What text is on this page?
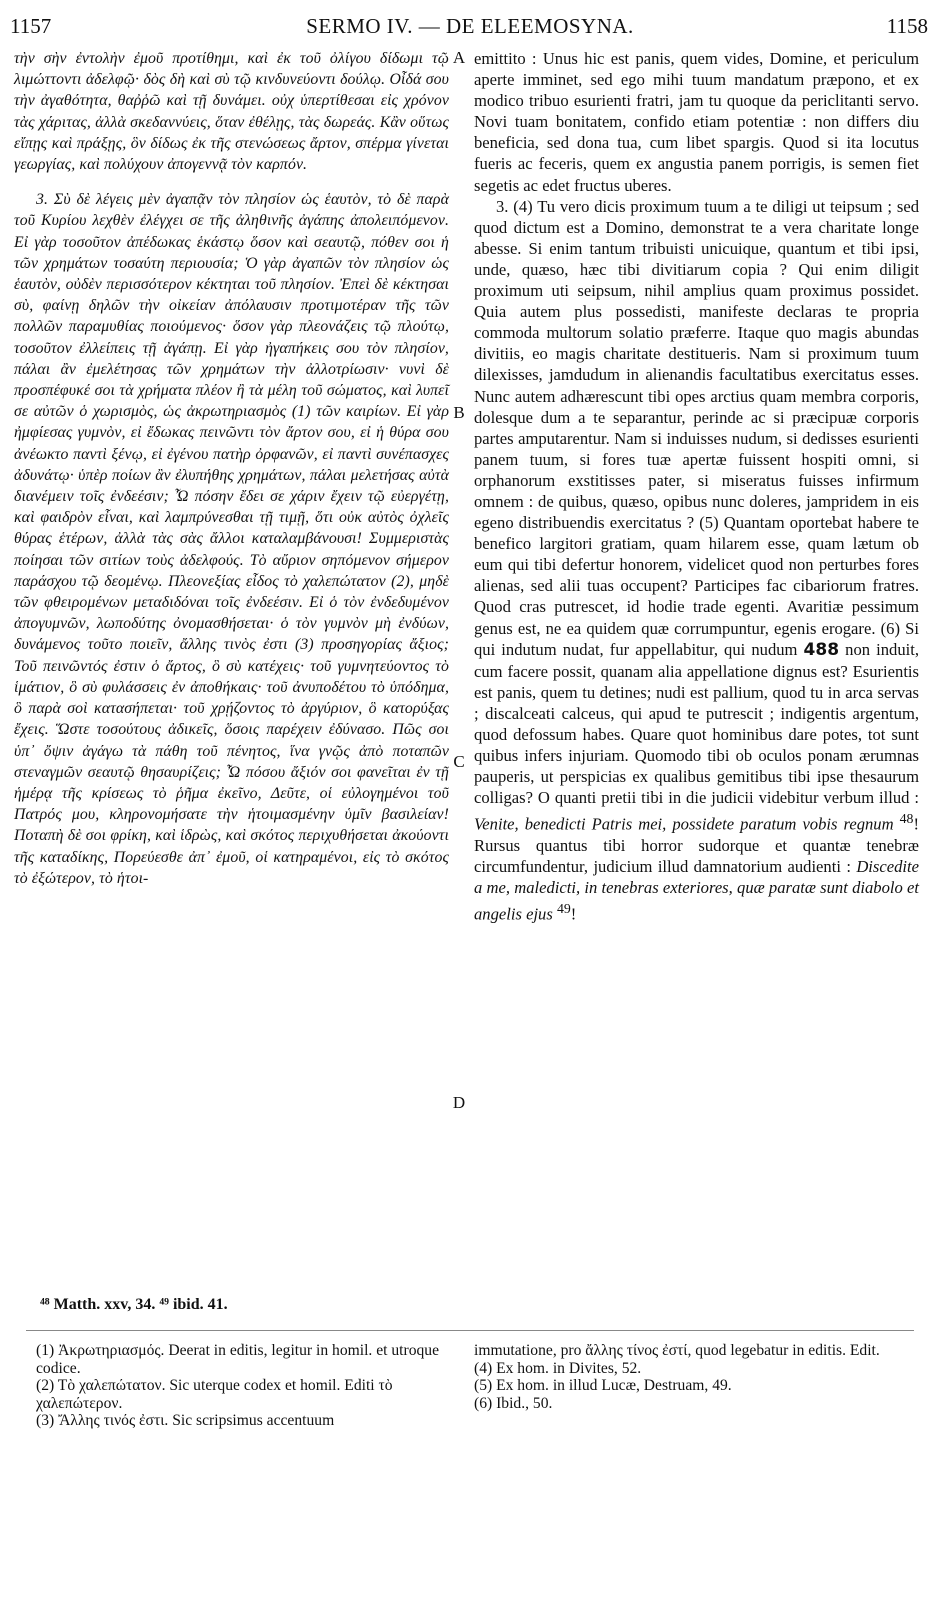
1157	SERMO IV. — DE ELEEMOSYNA.	1158

τὴν σὴν ἐντολὴν ἐμοῦ προτίθημι, καὶ ἐκ τοῦ ὀλίγου δίδωμι τῷ λιμώττοντι ἀδελφῷ· δὸς δὴ καὶ σὺ τῷ κινδυνεύοντι δούλῳ. Οἶδά σου τὴν ἀγαθότητα, θαῤῥῶ καὶ τῇ δυνάμει. οὐχ ὑπερτίθεσαι εἰς χρόνον τὰς χάριτας, ἀλλὰ σκεδαννύεις, ὅταν ἐθέλῃς, τὰς δωρεάς. Κἂν οὕτως εἴπῃς καὶ πράξῃς, ὃν δίδως ἐκ τῆς στενώσεως ἄρτον, σπέρμα γίνεται γεωργίας, καὶ πολύχουν ἀπογεννᾷ τὸν καρπόν.

3. Σὺ δὲ λέγεις μὲν ἀγαπᾷν τὸν πλησίον ὡς ἑαυτὸν, τὸ δὲ παρὰ τοῦ Κυρίου λεχθὲν ἐλέγχει σε τῆς ἀληθινῆς ἀγάπης ἀπολειπόμενον. Εἰ γὰρ τοσοῦτον ἀπέδωκας ἑκάστῳ ὅσον καὶ σεαυτῷ, πόθεν σοι ἡ τῶν χρημάτων τοσαύτη περιουσία; Ὁ γὰρ ἀγαπῶν τὸν πλησίον ὡς ἑαυτὸν, οὐδὲν περισσότερον κέκτηται τοῦ πλησίον. Ἐπεὶ δὲ κέκτησαι σὺ, φαίνῃ δηλῶν τὴν οἰκείαν ἀπόλαυσιν προτιμοτέραν τῆς τῶν πολλῶν παραμυθίας ποιούμενος· ὅσον γὰρ πλεονάζεις τῷ πλούτῳ, τοσοῦτον ἐλλείπεις τῇ ἀγάπῃ. Εἰ γὰρ ἠγαπήκεις σου τὸν πλησίον, πάλαι ἂν ἐμελέτησας τῶν χρημάτων τὴν ἀλλοτρίωσιν· νυνὶ δὲ προσπέφυκέ σοι τὰ χρήματα πλέον ἢ τὰ μέλη τοῦ σώματος, καὶ λυπεῖ σε αὐτῶν ὁ χωρισμὸς, ὡς ἀκρωτηριασμὸς (1) τῶν καιρίων. Εἰ γὰρ ἠμφίεσας γυμνὸν, εἰ ἔδωκας πεινῶντι τὸν ἄρτον σου, εἰ ἡ θύρα σου ἀνέωκτο παντὶ ξένῳ, εἰ ἐγένου πατὴρ ὀρφανῶν, εἰ παντὶ συνέπασχες ἀδυνάτῳ· ὑπὲρ ποίων ἂν ἐλυπήθης χρημάτων, πάλαι μελετήσας αὐτὰ διανέμειν τοῖς ἐνδεέσιν; Ὦ πόσην ἔδει σε χάριν ἔχειν τῷ εὐεργέτῃ, καὶ φαιδρὸν εἶναι, καὶ λαμπρύνεσθαι τῇ τιμῇ, ὅτι οὐκ αὐτὸς ὀχλεῖς θύρας ἑτέρων, ἀλλὰ τὰς σὰς ἄλλοι καταλαμβάνουσι! Συμμεριστὰς ποίησαι τῶν σιτίων τοὺς ἀδελφούς. Τὸ αὔριον σηπόμενον σήμερον παράσχου τῷ δεομένῳ. Πλεονεξίας εἶδος τὸ χαλεπώτατον (2), μηδὲ τῶν φθειρομένων μεταδιδόναι τοῖς ἐνδεέσιν. Εἰ ὁ τὸν ἐνδεδυμένον ἀπογυμνῶν, λωποδύτης ὀνομασθήσεται· ὁ τὸν γυμνὸν μὴ ἐνδύων, δυνάμενος τοῦτο ποιεῖν, ἄλλης τινὸς ἐστι (3) προσηγορίας ἄξιος; Τοῦ πεινῶντός ἐστιν ὁ ἄρτος, ὃ σὺ κατέχεις· τοῦ γυμνητεύοντος τὸ ἱμάτιον, ὃ σὺ φυλάσσεις ἐν ἀποθήκαις· τοῦ ἀνυποδέτου τὸ ὑπόδημα, ὃ παρὰ σοὶ κατασήπεται· τοῦ χρῄζοντος τὸ ἀργύριον, ὃ κατορύξας ἔχεις. Ὥστε τοσούτους ἀδικεῖς, ὅσοις παρέχειν ἐδύνασο. Πῶς σοι ὑπ᾽ ὄψιν ἀγάγω τὰ πάθη τοῦ πένητος, ἵνα γνῷς ἀπὸ ποταπῶν στεναγμῶν σεαυτῷ θησαυρίζεις; Ὦ πόσου ἄξιόν σοι φανεῖται ἐν τῇ ἡμέρᾳ τῆς κρίσεως τὸ ῥῆμα ἐκεῖνο, Δεῦτε, οἱ εὐλογημένοι τοῦ Πατρός μου, κληρονομήσατε τὴν ἡτοιμασμένην ὑμῖν βασιλείαν! Ποταπὴ δὲ σοι φρίκη, καὶ ἱδρὼς, καὶ σκότος περιχυθήσεται ἀκούοντι τῆς καταδίκης, Πορεύεσθε ἀπ᾽ ἐμοῦ, οἱ κατηραμένοι, εἰς τὸ σκότος τὸ ἐξώτερον, τὸ ἡτοι-

A
B
C
D

emittito : Unus hic est panis, quem vides, Domine, et periculum aperte imminet, sed ego mihi tuum mandatum præpono, et ex modico tribuo esurienti fratri, jam tu quoque da periclitanti servo. Novi tuam bonitatem, confido etiam potentiæ : non differs diu beneficia, sed dona tua, cum libet spargis. Quod si ita locutus fueris ac feceris, quem ex angustia panem porrigis, is semen fiet segetis ac edet fructus uberes.

3. (4) Tu vero dicis proximum tuum a te diligi ut teipsum ; sed quod dictum est a Domino, demonstrat te a vera charitate longe abesse. Si enim tantum tribuisti unicuique, quantum et tibi ipsi, unde, quæso, hæc tibi divitiarum copia ? Qui enim diligit proximum uti seipsum, nihil amplius quam proximus possidet. Quia autem plus possedisti, manifeste declaras te propria commoda multorum solatio præferre. Itaque quo magis abundas divitiis, eo magis charitate destitueris. Nam si proximum tuum dilexisses, jamdudum in alienandis facultatibus exercitatus esses. Nunc autem adhærescunt tibi opes arctius quam membra corporis, dolesque dum a te separantur, perinde ac si præcipuæ corporis partes amputarentur. Nam si induisses nudum, si dedisses esurienti panem tuum, si fores tuæ apertæ fuissent hospiti omni, si orphanorum exstitisses pater, si miseratus fuisses infirmum omnem : de quibus, quæso, opibus nunc doleres, jampridem in eis egeno distribuendis exercitatus ? (5) Quantam oportebat habere te benefico largitori gratiam, quam hilarem esse, quam lætum ob eum qui tibi defertur honorem, videlicet quod non perturbes fores alienas, sed alii tuas occupent? Participes fac cibariorum fratres. Quod cras putrescet, id hodie trade egenti. Avaritiæ pessimum genus est, ne ea quidem quæ corrumpuntur, egenis erogare. (6) Si qui indutum nudat, fur appellabitur, qui nudum 488 non induit, cum facere possit, quanam alia appellatione dignus est? Esurientis est panis, quem tu detines; nudi est pallium, quod tu in arca servas ; discalceati calceus, qui apud te putrescit ; indigentis argentum, quod defossum habes. Quare quot hominibus dare potes, tot sunt quibus infers injuriam. Quomodo tibi ob oculos ponam ærumnas pauperis, ut perspicias ex qualibus gemitibus tibi ipse thesaurum colligas? O quanti pretii tibi in die judicii videbitur verbum illud : Venite, benedicti Patris mei, possidete paratum vobis regnum $^{48}$! Rursus quantus tibi horror sudorque et quantæ tenebræ circumfundentur, judicium illud damnatorium audienti : Discedite a me, maledicti, in tenebras exteriores, quæ paratæ sunt diabolo et angelis ejus $^{49}$!

⁴⁸ Matth. xxv, 34. ⁴⁹ ibid. 41.

(1) Ἀκρωτηριασμός. Deerat in editis, legitur in homil. et utroque codice.

(2) Τὸ χαλεπώτατον. Sic uterque codex et homil. Editi τὸ χαλεπώτερον.

(3) Ἄλλης τινός ἐστι. Sic scripsimus accentuum

immutatione, pro ἄλλης τίνος ἐστί, quod legebatur in editis. Edit.

(4) Ex hom. in Divites, 52.

(5) Ex hom. in illud Lucæ, Destruam, 49.

(6) Ibid., 50.
